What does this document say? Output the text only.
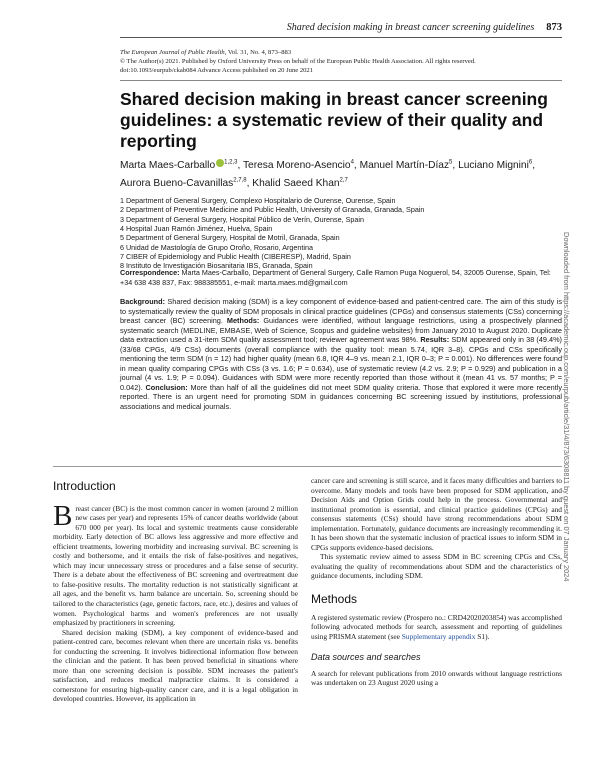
Shared decision making in breast cancer screening guidelines 873
The European Journal of Public Health, Vol. 31, No. 4, 873–883
© The Author(s) 2021. Published by Oxford University Press on behalf of the European Public Health Association. All rights reserved.
doi:10.1093/eurpub/ckab084 Advance Access published on 20 June 2021
Shared decision making in breast cancer screening guidelines: a systematic review of their quality and reporting
Marta Maes-Carballo $^{1,2,3}$, Teresa Moreno-Asencio$^4$, Manuel Martín-Díaz$^5$, Luciano Mignini$^6$, Aurora Bueno-Cavanillas$^{2,7,8}$, Khalid Saeed Khan$^{2,7}$
1 Department of General Surgery, Complexo Hospitalario de Ourense, Ourense, Spain
2 Department of Preventive Medicine and Public Health, University of Granada, Granada, Spain
3 Department of General Surgery, Hospital Público de Verín, Ourense, Spain
4 Hospital Juan Ramón Jiménez, Huelva, Spain
5 Department of General Surgery, Hospital de Motril, Granada, Spain
6 Unidad de Mastología de Grupo Oroño, Rosario, Argentina
7 CIBER of Epidemiology and Public Health (CIBERESP), Madrid, Spain
8 Instituto de Investigación Biosanitaria IBS, Granada, Spain
Correspondence: Marta Maes-Carballo, Department of General Surgery, Calle Ramon Puga Noguerol, 54, 32005 Ourense, Spain, Tel: +34 638 438 837, Fax: 988385551, e-mail: marta.maes.md@gmail.com
Background: Shared decision making (SDM) is a key component of evidence-based and patient-centred care. The aim of this study is to systematically review the quality of SDM proposals in clinical practice guidelines (CPGs) and consensus statements (CSs) concerning breast cancer (BC) screening. Methods: Guidances were identified, without language restrictions, using a prospectively planned systematic search (MEDLINE, EMBASE, Web of Science, Scopus and guideline websites) from January 2010 to August 2020. Duplicate data extraction used a 31-item SDM quality assessment tool; reviewer agreement was 98%. Results: SDM appeared only in 38 (49.4%) (33/68 CPGs, 4/9 CSs) documents (overall compliance with the quality tool: mean 5.74, IQR 3–8). CPGs and CSs specifically mentioning the term SDM (n = 12) had higher quality (mean 6.8, IQR 4–9 vs. mean 2.1, IQR 0–3; P = 0.001). No differences were found in mean quality comparing CPGs with CSs (3 vs. 1.6; P = 0.634), use of systematic review (4.2 vs. 2.9; P = 0.929) and publication in a journal (4 vs. 1.9; P = 0.094). Guidances with SDM were more recently reported than those without it (mean 41 vs. 57 months; P = 0.042). Conclusion: More than half of all the guidelines did not meet SDM quality criteria. Those that explored it were more recently reported. There is an urgent need for promoting SDM in guidances concerning BC screening issued by institutions, professional associations and medical journals.
Introduction

Breast cancer (BC) is the most common cancer in women (around 2 million new cases per year) and represents 15% of cancer deaths worldwide (about 670 000 per year). Its local and systemic treatments cause considerable morbidity. Early detection of BC allows less aggressive and more effective and efficient treatments, lowering morbidity and increasing survival. BC screening is costly and bothersome, and it entails the risk of false-positives and negatives, which may incur unnecessary stress or procedures and a false sense of security. There is a debate about the effectiveness of BC screening and overtreatment due to false-positive results. The mortality reduction is not statistically significant at all ages, and the benefit vs. harm balance are uncertain. So, screening should be tailored to the characteristics (age, genetic factors, race, etc.), desires and values of women. Psychological harms and women's preferences are not usually emphasized by practitioners in screening.

Shared decision making (SDM), a key component of evidence-based and patient-centred care, becomes relevant when there are uncertain risks vs. benefits for conducting the screening. It involves bidirectional information flow between the clinician and the patient. It has been proved beneficial in situations where more than one screening decision is possible. SDM increases the patient's satisfaction, and reduces medical malpractice claims. It is considered a cornerstone for ensuring high-quality cancer care, and it is a legal obligation in developed countries. However, its application in

cancer care and screening is still scarce, and it faces many difficulties and barriers to overcome. Many models and tools have been proposed for SDM application, and Decision Aids and Option Grids could help in the process. Governmental and institutional promotion is essential, and clinical practice guidelines (CPGs) and consensus statements (CSs) should have strong recommendations about SDM implementation. Fortunately, guidance documents are increasingly recommending it. It has been shown that the systematic inclusion of practical issues to inform SDM in CPGs supports evidence-based decisions.

This systematic review aimed to assess SDM in BC screening CPGs and CSs, evaluating the quality of recommendations about SDM and the characteristics of guidance documents, including SDM.

Methods

A registered systematic review (Prospero no.: CRD42020203854) was accomplished following advocated methods for search, assessment and reporting of guidelines using PRISMA statement (see Supplementary appendix S1).

Data sources and searches

A search for relevant publications from 2010 onwards without language restrictions was undertaken on 23 August 2020 using a

Downloaded from https://academic.oup.com/eurpub/article/31/4/873/6308811 by guest on 07 January 2024
